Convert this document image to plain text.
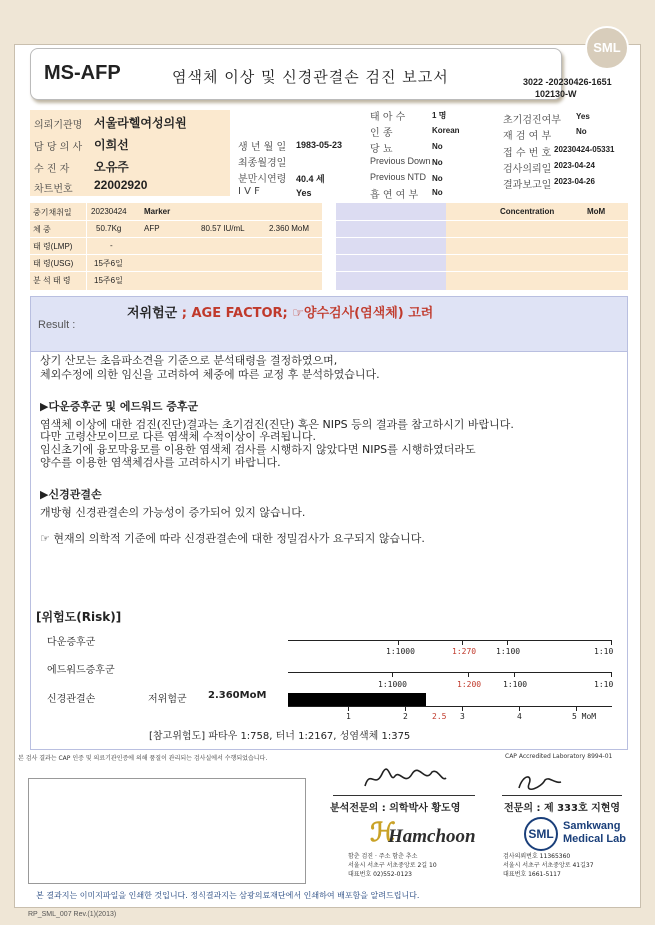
SML
MS-AFP	염색체 이상 및 신경관결손 검진 보고서	3022 -20230426-1651
102130-W
의뢰기관명 서울라헬여성의원
담 당 의 사 이희선
수 진 자 오유주
차트번호 22002920
생 년 월 일 1983-05-23
최종월경일
분만시연령 40.4 세
I V F	Yes
태 아 수	1 명
인 종	Korean
당 뇨	No
Previous Down No
Previous NTD No
흡 연 여 부 No
초기검진여부 Yes
재 검 여 부	No
접 수 번 호 20230424-05331
검사의뢰일 2023-04-24
결과보고일 2023-04-26
중기채취일 20230424
체 중	50.7Kg
태 령(LMP)	-
태 령(USG)	15주6일
분 석 태 령	15주6일
Marker
AFP	80.57 IU/mL	2.360 MoM
Concentration	MoM
Result :
저위험군 ; AGE FACTOR; ☞양수검사(염색체) 고려
상기 산모는 초음파소견을 기준으로 분석태령을 결정하였으며,
체외수정에 의한 임신을 고려하여 체중에 따른 교정 후 분석하였습니다.
▶다운증후군 및 에드워드 증후군
염색체 이상에 대한 검진(진단)결과는 초기검진(진단) 혹은 NIPS 등의 결과를 참고하시기 바랍니다.
다만 고령산모이므로 다른 염색체 수적이상이 우려됩니다.
임신초기에 융모막융모를 이용한 염색체 검사를 시행하지 않았다면 NIPS를 시행하였더라도
양수를 이용한 염색체검사를 고려하시기 바랍니다.
▶신경관결손
개방형 신경관결손의 가능성이 증가되어 있지 않습니다.
☞ 현재의 의학적 기준에 따라 신경관결손에 대한 정밀검사가 요구되지 않습니다.
[위험도(Risk)]
다운증후군
에드워드증후군
신경관결손	저위험군 2.360MoM
1:1000	1:270 1:100	1:10
1:1000	1:200	1:100	1:10
1	2	2.5 3	4	5 MoM
[참고위험도] 파타우 1:758, 터너 1:2167, 성염색체 1:375
본 검사 결과는 CAP 인증 및 의료기관인증에 의해 품질이 관리되는 검사실에서 수행되었습니다.	CAP Accredited Laboratory 8994-01
분석전문의 : 의학박사 황도영	전문의 : 제 333호 지현영
ℋ
Hamchoon
함춘 검진 · 주소 함춘 추소
서울시 서초구 서초중앙로 2길 10
대표번호 02)552-0123
SML
Samkwang
Medical Lab
검사의뢰번호 11365360
서울시 서초구 서초중앙로 41길37
대표번호 1661-5117
본 결과지는 이미지파일을 인쇄한 것입니다. 정식결과지는 삼광의료재단에서 인쇄하여 배포함을 알려드립니다.
RP_SML_007 Rev.(1)(2013)
